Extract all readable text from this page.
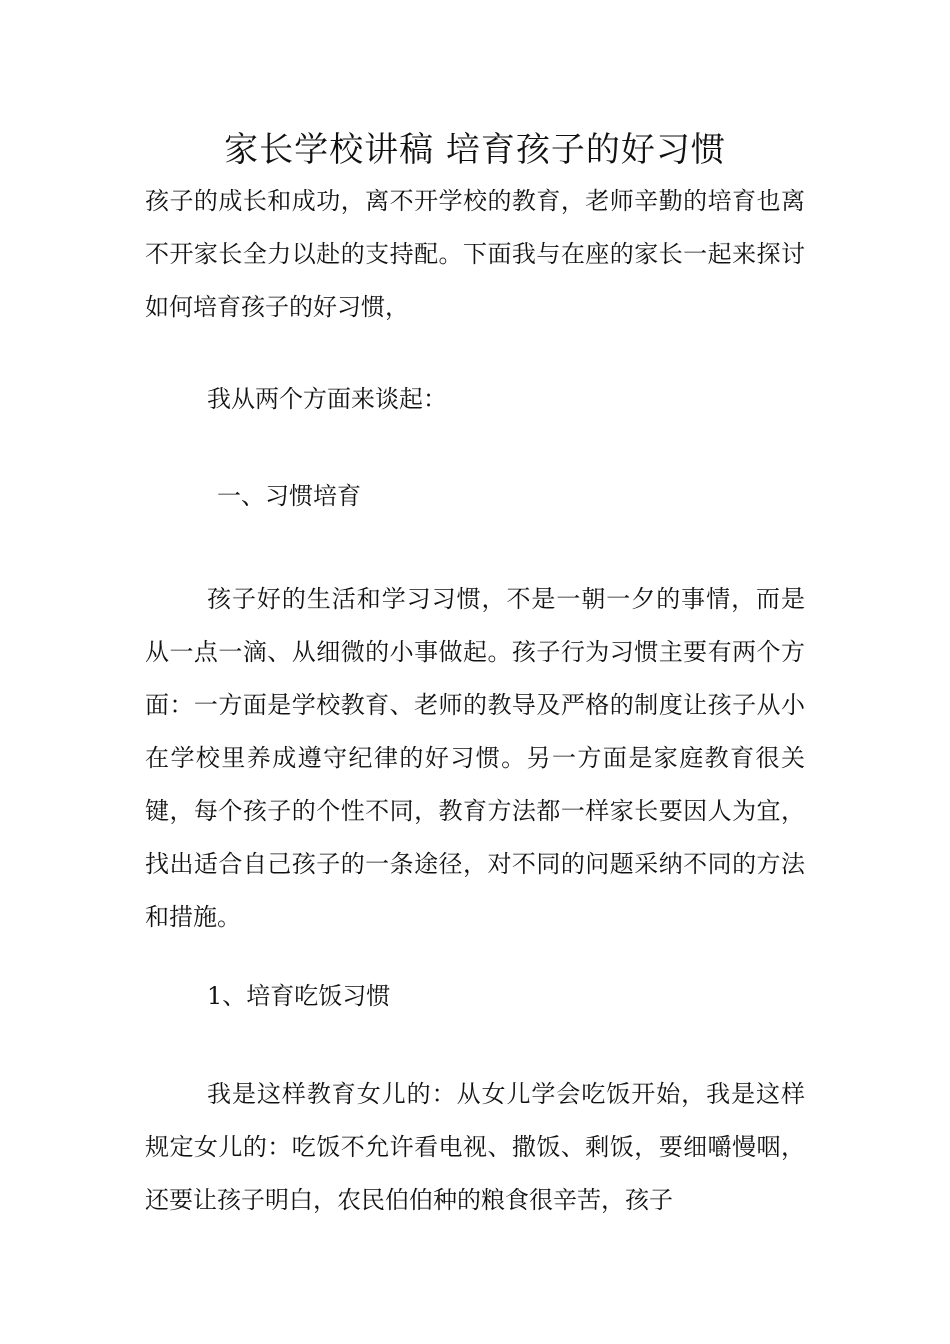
家长学校讲稿 培育孩子的好习惯
孩子的成长和成功，离不开学校的教育，老师辛勤的培育也离不开家长全力以赴的支持配。下面我与在座的家长一起来探讨如何培育孩子的好习惯，
我从两个方面来谈起：
一、习惯培育
孩子好的生活和学习习惯，不是一朝一夕的事情，而是从一点一滴、从细微的小事做起。孩子行为习惯主要有两个方面：一方面是学校教育、老师的教导及严格的制度让孩子从小在学校里养成遵守纪律的好习惯。另一方面是家庭教育很关键，每个孩子的个性不同，教育方法都一样家长要因人为宜，找出适合自己孩子的一条途径，对不同的问题采纳不同的方法和措施。
1、培育吃饭习惯
我是这样教育女儿的：从女儿学会吃饭开始，我是这样规定女儿的：吃饭不允许看电视、撒饭、剩饭，要细嚼慢咽，还要让孩子明白，农民伯伯种的粮食很辛苦，孩子
